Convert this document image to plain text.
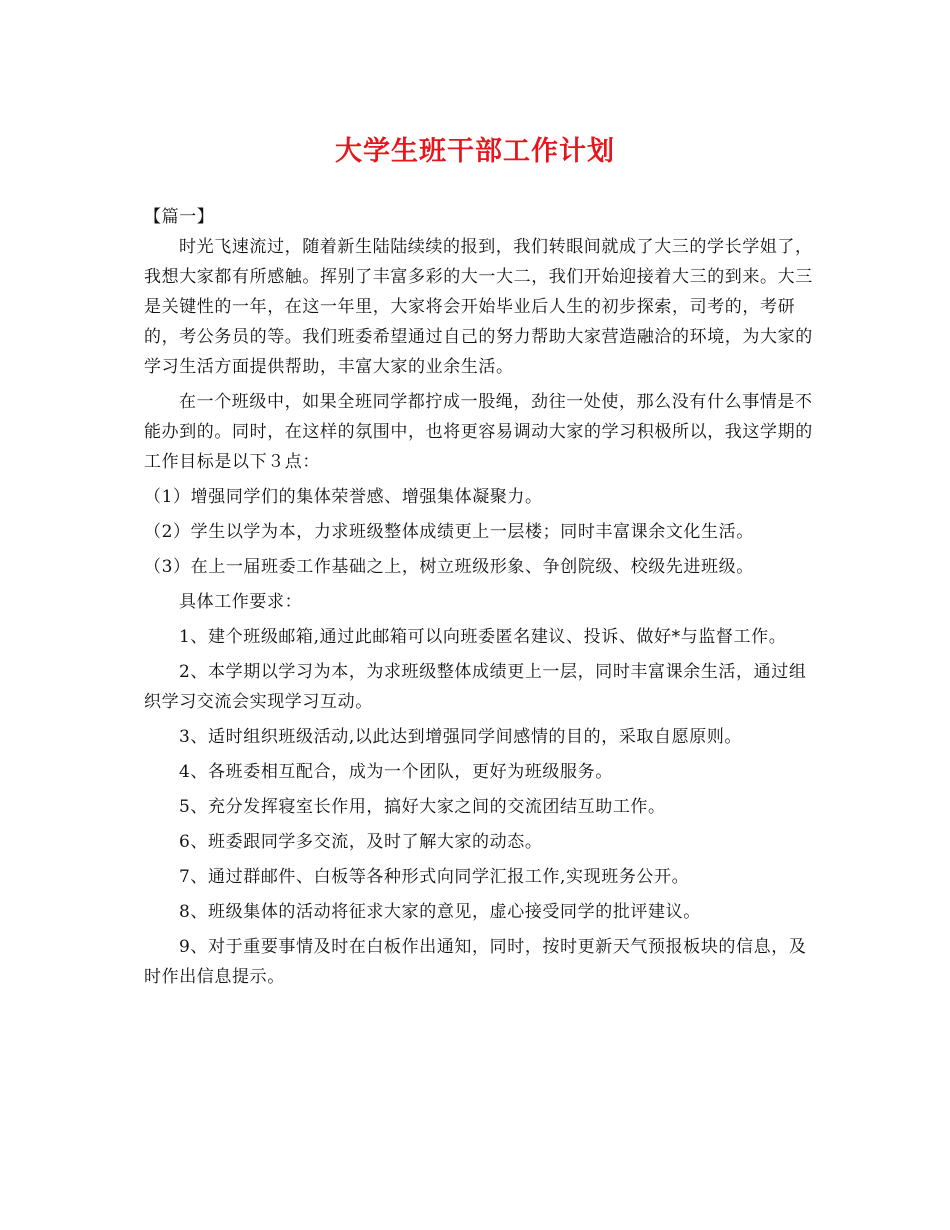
大学生班干部工作计划

【篇一】

时光飞速流过，随着新生陆陆续续的报到，我们转眼间就成了大三的学长学姐了，我想大家都有所感触。挥别了丰富多彩的大一大二，我们开始迎接着大三的到来。大三是关键性的一年，在这一年里，大家将会开始毕业后人生的初步探索，司考的，考研的，考公务员的等。我们班委希望通过自己的努力帮助大家营造融洽的环境，为大家的学习生活方面提供帮助，丰富大家的业余生活。

在一个班级中，如果全班同学都拧成一股绳，劲往一处使，那么没有什么事情是不能办到的。同时，在这样的氛围中，也将更容易调动大家的学习积极所以，我这学期的工作目标是以下３点：

（1）增强同学们的集体荣誉感、增强集体凝聚力。

（2）学生以学为本，力求班级整体成绩更上一层楼；同时丰富课余文化生活。

（3）在上一届班委工作基础之上，树立班级形象、争创院级、校级先进班级。

具体工作要求：

1、建个班级邮箱,通过此邮箱可以向班委匿名建议、投诉、做好*与监督工作。

2、本学期以学习为本，为求班级整体成绩更上一层，同时丰富课余生活，通过组织学习交流会实现学习互动。

3、适时组织班级活动,以此达到增强同学间感情的目的，采取自愿原则。

4、各班委相互配合，成为一个团队，更好为班级服务。

5、充分发挥寝室长作用，搞好大家之间的交流团结互助工作。

6、班委跟同学多交流，及时了解大家的动态。

7、通过群邮件、白板等各种形式向同学汇报工作,实现班务公开。

8、班级集体的活动将征求大家的意见，虚心接受同学的批评建议。

9、对于重要事情及时在白板作出通知，同时，按时更新天气预报板块的信息，及时作出信息提示。
